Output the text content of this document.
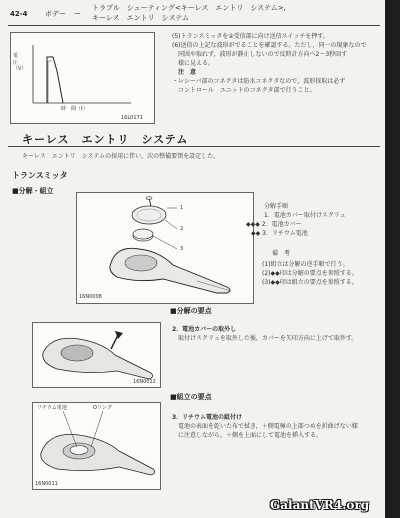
42-4 ボデー ー
トラブル　シューティング<キーレス　エントリ　システム>,
キーレス　エントリ　システム
電圧（V）
時　間（t）
16L0171
(5)トランスミッタを②受信部に向け送信スイッチを押す。
(6)送信の上記な波形がでることを確認する。ただし，同一の現象なので
　同図や取れず，波形が静止しないので反時計方向へ2〜3秒回す
　様に見える。
　注　意
・レシーバ部のコネクタは防水コネクタなので，波形採取は必ず
　コントロール　ユニットのコネクタ部で行うこと。
キーレス　エントリ　システム
キーレス　エントリ　システムの採用に伴い，次の整備要領を設定した。
トランスミッタ
■分解・組立
1
2
3
16N0008
分解手順
1．電池カバー取付けスクリュ
◆◆◆ 2．電池カバー
◆◆ 3．リチウム電池
備　考
(1)組立は分解の逆手順で行う。
(2)◆◆印は分解の要点を参照する。
(3)◆◆印は組立の要点を参照する。
■分解の要点
16N0012
2．電池カバーの取外し
取付けスクリュを取外した後，カバーを矢印方向に上げて取外す。
■組立の要点
リチウム電池	Oリング
16N0011
3．リチウム電池の組付け
電池の表面を乾いた布で拭き，＋側電極の上部つめを折曲げない様
に注意しながら，＋側を上面にして電池を挿入する。
GalantVR4.org
